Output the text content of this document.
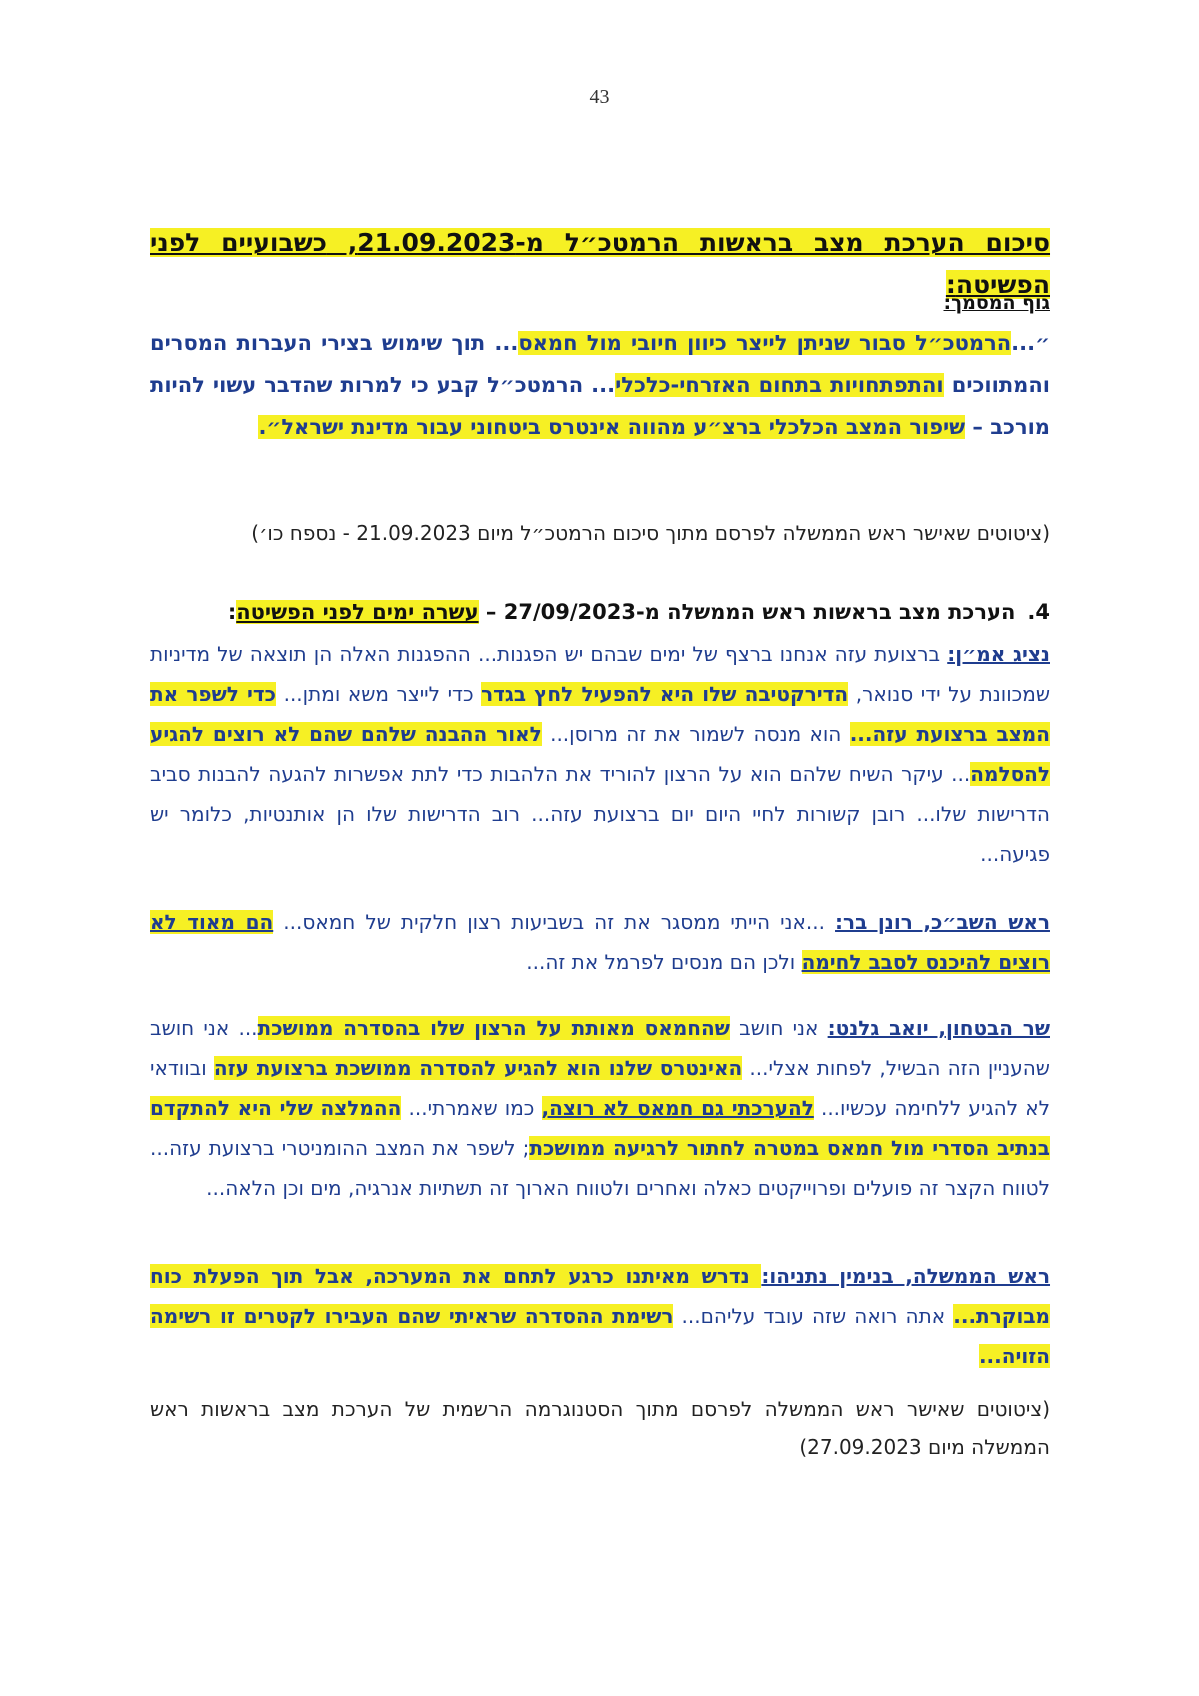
43
סיכום הערכת מצב בראשות הרמטכ״ל מ-21.09.2023, כשבועיים לפני הפשיטה:
גוף המסמך:
״...הרמטכ״ל סבור שניתן לייצר כיוון חיובי מול חמאס... תוך שימוש בצירי העברות המסרים והמתווכים והתפתחויות בתחום האזרחי-כלכלי... הרמטכ״ל קבע כי למרות שהדבר עשוי להיות מורכב – שיפור המצב הכלכלי ברצ״ע מהווה אינטרס ביטחוני עבור מדינת ישראל״.
(ציטוטים שאישר ראש הממשלה לפרסם מתוך סיכום הרמטכ״ל מיום 21.09.2023 - נספח כו׳)
4.הערכת מצב בראשות ראש הממשלה מ-27/09/2023 – עשרה ימים לפני הפשיטה:
נציג אמ״ן: ברצועת עזה אנחנו ברצף של ימים שבהם יש הפגנות... ההפגנות האלה הן תוצאה של מדיניות שמכוונת על ידי סנואר, הדירקטיבה שלו היא להפעיל לחץ בגדר כדי לייצר משא ומתן... כדי לשפר את המצב ברצועת עזה... הוא מנסה לשמור את זה מרוסן... לאור ההבנה שלהם שהם לא רוצים להגיע להסלמה... עיקר השיח שלהם הוא על הרצון להוריד את הלהבות כדי לתת אפשרות להגעה להבנות סביב הדרישות שלו... רובן קשורות לחיי היום יום ברצועת עזה... רוב הדרישות שלו הן אותנטיות, כלומר יש פגיעה...
ראש השב״כ, רונן בר: ...אני הייתי ממסגר את זה בשביעות רצון חלקית של חמאס... הם מאוד לא רוצים להיכנס לסבב לחימה ולכן הם מנסים לפרמל את זה...
שר הבטחון, יואב גלנט: אני חושב שהחמאס מאותת על הרצון שלו בהסדרה ממושכת... אני חושב שהעניין הזה הבשיל, לפחות אצלי... האינטרס שלנו הוא להגיע להסדרה ממושכת ברצועת עזה ובוודאי לא להגיע ללחימה עכשיו... להערכתי גם חמאס לא רוצה, כמו שאמרתי... ההמלצה שלי היא להתקדם בנתיב הסדרי מול חמאס במטרה לחתור לרגיעה ממושכת; לשפר את המצב ההומניטרי ברצועת עזה... לטווח הקצר זה פועלים ופרוייקטים כאלה ואחרים ולטווח הארוך זה תשתיות אנרגיה, מים וכן הלאה...
ראש הממשלה, בנימין נתניהו: נדרש מאיתנו כרגע לתחם את המערכה, אבל תוך הפעלת כוח מבוקרת... אתה רואה שזה עובד עליהם... רשימת ההסדרה שראיתי שהם העבירו לקטרים זו רשימה הזויה...
(ציטוטים שאישר ראש הממשלה לפרסם מתוך הסטנוגרמה הרשמית של הערכת מצב בראשות ראש הממשלה מיום 27.09.2023)
